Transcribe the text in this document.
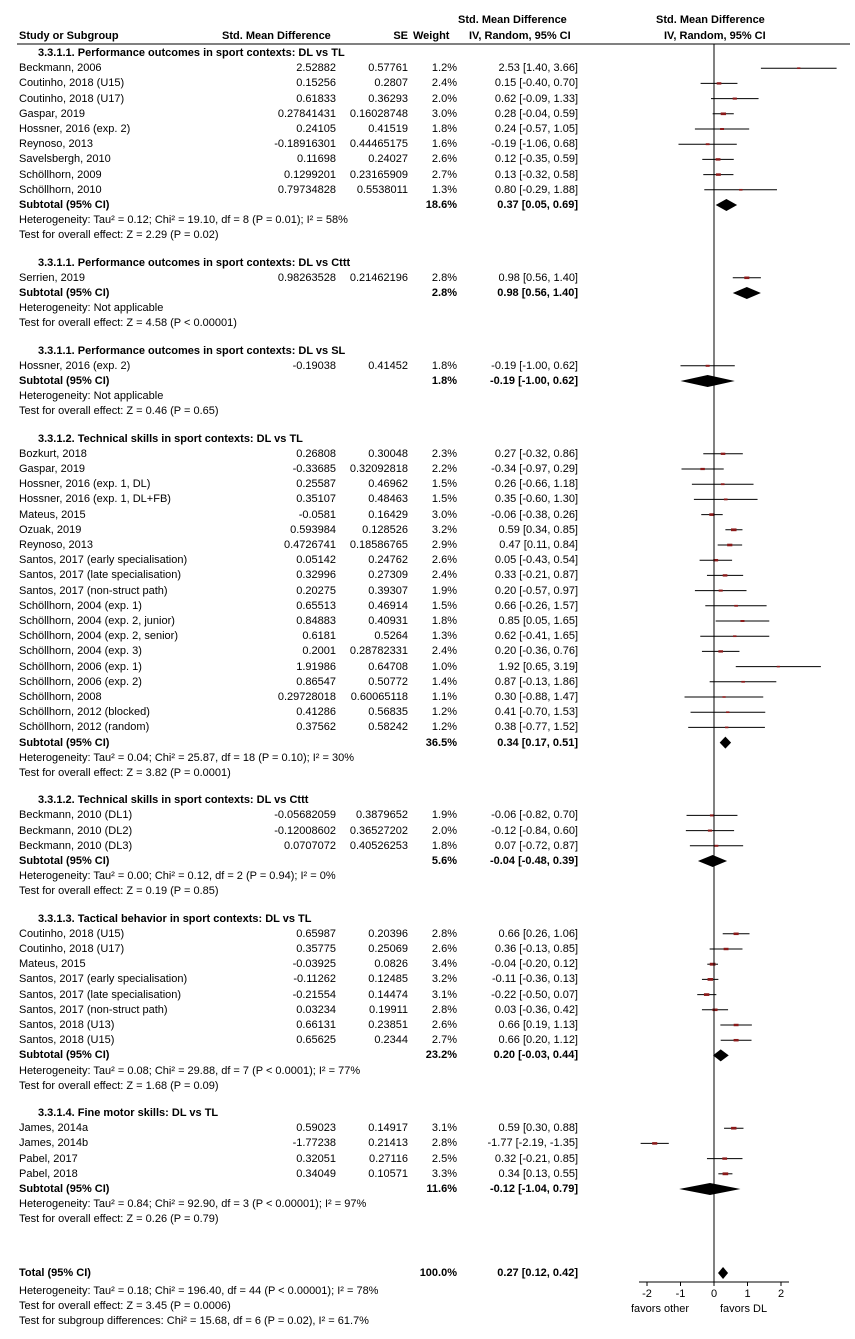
Study or Subgroup	Std. Mean Difference	SE Weight
Std. Mean Difference
IV, Random, 95% CI
Std. Mean Difference
IV, Random, 95% CI
favors other	favors DL
3.3.1.1. Performance outcomes in sport contexts: DL vs TL
Beckmann, 2006	2.52882	0.57761	1.2%	2.53 [1.40, 3.66]
Coutinho, 2018 (U15)	0.15256	0.2807	2.4%	0.15 [-0.40, 0.70]
Coutinho, 2018 (U17)	0.61833	0.36293	2.0%	0.62 [-0.09, 1.33]
Gaspar, 2019	0.27841431	0.16028748	3.0%	0.28 [-0.04, 0.59]
Hossner, 2016 (exp. 2)	0.24105	0.41519	1.8%	0.24 [-0.57, 1.05]
Reynoso, 2013	-0.18916301	0.44465175	1.6%	-0.19 [-1.06, 0.68]
Savelsbergh, 2010	0.11698	0.24027	2.6%	0.12 [-0.35, 0.59]
Schöllhorn, 2009	0.1299201	0.23165909	2.7%	0.13 [-0.32, 0.58]
Schöllhorn, 2010	0.79734828	0.5538011	1.3%	0.80 [-0.29, 1.88]
Subtotal (95% CI)	18.6%	0.37 [0.05, 0.69]
Heterogeneity: Tau² = 0.12; Chi² = 19.10, df = 8 (P = 0.01); I² = 58%
Test for overall effect: Z = 2.29 (P = 0.02)
3.3.1.1. Performance outcomes in sport contexts: DL vs Cttt
Serrien, 2019	0.98263528	0.21462196	2.8%	0.98 [0.56, 1.40]
Subtotal (95% CI)	2.8%	0.98 [0.56, 1.40]
Heterogeneity: Not applicable
Test for overall effect: Z = 4.58 (P < 0.00001)
3.3.1.1. Performance outcomes in sport contexts: DL vs SL
Hossner, 2016 (exp. 2)	-0.19038	0.41452	1.8%	-0.19 [-1.00, 0.62]
Subtotal (95% CI)	1.8%	-0.19 [-1.00, 0.62]
Heterogeneity: Not applicable
Test for overall effect: Z = 0.46 (P = 0.65)
3.3.1.2. Technical skills in sport contexts: DL vs TL
Bozkurt, 2018	0.26808	0.30048	2.3%	0.27 [-0.32, 0.86]
Gaspar, 2019	-0.33685	0.32092818	2.2%	-0.34 [-0.97, 0.29]
Hossner, 2016 (exp. 1, DL)	0.25587	0.46962	1.5%	0.26 [-0.66, 1.18]
Hossner, 2016 (exp. 1, DL+FB)	0.35107	0.48463	1.5%	0.35 [-0.60, 1.30]
Mateus, 2015	-0.0581	0.16429	3.0%	-0.06 [-0.38, 0.26]
Ozuak, 2019	0.593984	0.128526	3.2%	0.59 [0.34, 0.85]
Reynoso, 2013	0.4726741	0.18586765	2.9%	0.47 [0.11, 0.84]
Santos, 2017 (early specialisation)	0.05142	0.24762	2.6%	0.05 [-0.43, 0.54]
Santos, 2017 (late specialisation)	0.32996	0.27309	2.4%	0.33 [-0.21, 0.87]
Santos, 2017 (non-struct path)	0.20275	0.39307	1.9%	0.20 [-0.57, 0.97]
Schöllhorn, 2004 (exp. 1)	0.65513	0.46914	1.5%	0.66 [-0.26, 1.57]
Schöllhorn, 2004 (exp. 2, junior)	0.84883	0.40931	1.8%	0.85 [0.05, 1.65]
Schöllhorn, 2004 (exp. 2, senior)	0.6181	0.5264	1.3%	0.62 [-0.41, 1.65]
Schöllhorn, 2004 (exp. 3)	0.2001	0.28782331	2.4%	0.20 [-0.36, 0.76]
Schöllhorn, 2006 (exp. 1)	1.91986	0.64708	1.0%	1.92 [0.65, 3.19]
Schöllhorn, 2006 (exp. 2)	0.86547	0.50772	1.4%	0.87 [-0.13, 1.86]
Schöllhorn, 2008	0.29728018	0.60065118	1.1%	0.30 [-0.88, 1.47]
Schöllhorn, 2012 (blocked)	0.41286	0.56835	1.2%	0.41 [-0.70, 1.53]
Schöllhorn, 2012 (random)	0.37562	0.58242	1.2%	0.38 [-0.77, 1.52]
Subtotal (95% CI)	36.5%	0.34 [0.17, 0.51]
Heterogeneity: Tau² = 0.04; Chi² = 25.87, df = 18 (P = 0.10); I² = 30%
Test for overall effect: Z = 3.82 (P = 0.0001)
3.3.1.2. Technical skills in sport contexts: DL vs Cttt
Beckmann, 2010 (DL1)	-0.05682059	0.3879652	1.9%	-0.06 [-0.82, 0.70]
Beckmann, 2010 (DL2)	-0.12008602	0.36527202	2.0%	-0.12 [-0.84, 0.60]
Beckmann, 2010 (DL3)	0.0707072	0.40526253	1.8%	0.07 [-0.72, 0.87]
Subtotal (95% CI)	5.6%	-0.04 [-0.48, 0.39]
Heterogeneity: Tau² = 0.00; Chi² = 0.12, df = 2 (P = 0.94); I² = 0%
Test for overall effect: Z = 0.19 (P = 0.85)
3.3.1.3. Tactical behavior in sport contexts: DL vs TL
Coutinho, 2018 (U15)	0.65987	0.20396	2.8%	0.66 [0.26, 1.06]
Coutinho, 2018 (U17)	0.35775	0.25069	2.6%	0.36 [-0.13, 0.85]
Mateus, 2015	-0.03925	0.0826	3.4%	-0.04 [-0.20, 0.12]
Santos, 2017 (early specialisation)	-0.11262	0.12485	3.2%	-0.11 [-0.36, 0.13]
Santos, 2017 (late specialisation)	-0.21554	0.14474	3.1%	-0.22 [-0.50, 0.07]
Santos, 2017 (non-struct path)	0.03234	0.19911	2.8%	0.03 [-0.36, 0.42]
Santos, 2018 (U13)	0.66131	0.23851	2.6%	0.66 [0.19, 1.13]
Santos, 2018 (U15)	0.65625	0.2344	2.7%	0.66 [0.20, 1.12]
Subtotal (95% CI)	23.2%	0.20 [-0.03, 0.44]
Heterogeneity: Tau² = 0.08; Chi² = 29.88, df = 7 (P < 0.0001); I² = 77%
Test for overall effect: Z = 1.68 (P = 0.09)
3.3.1.4. Fine motor skills: DL vs TL
James, 2014a	0.59023	0.14917	3.1%	0.59 [0.30, 0.88]
James, 2014b	-1.77238	0.21413	2.8%	-1.77 [-2.19, -1.35]
Pabel, 2017	0.32051	0.27116	2.5%	0.32 [-0.21, 0.85]
Pabel, 2018	0.34049	0.10571	3.3%	0.34 [0.13, 0.55]
Subtotal (95% CI)	11.6%	-0.12 [-1.04, 0.79]
Heterogeneity: Tau² = 0.84; Chi² = 92.90, df = 3 (P < 0.00001); I² = 97%
Test for overall effect: Z = 0.26 (P = 0.79)
Total (95% CI)	100.0%	0.27 [0.12, 0.42]
Heterogeneity: Tau² = 0.18; Chi² = 196.40, df = 44 (P < 0.00001); I² = 78%
Test for overall effect: Z = 3.45 (P = 0.0006)
Test for subgroup differences: Chi² = 15.68, df = 6 (P = 0.02), I² = 61.7%
-2	-1	0	1	2
